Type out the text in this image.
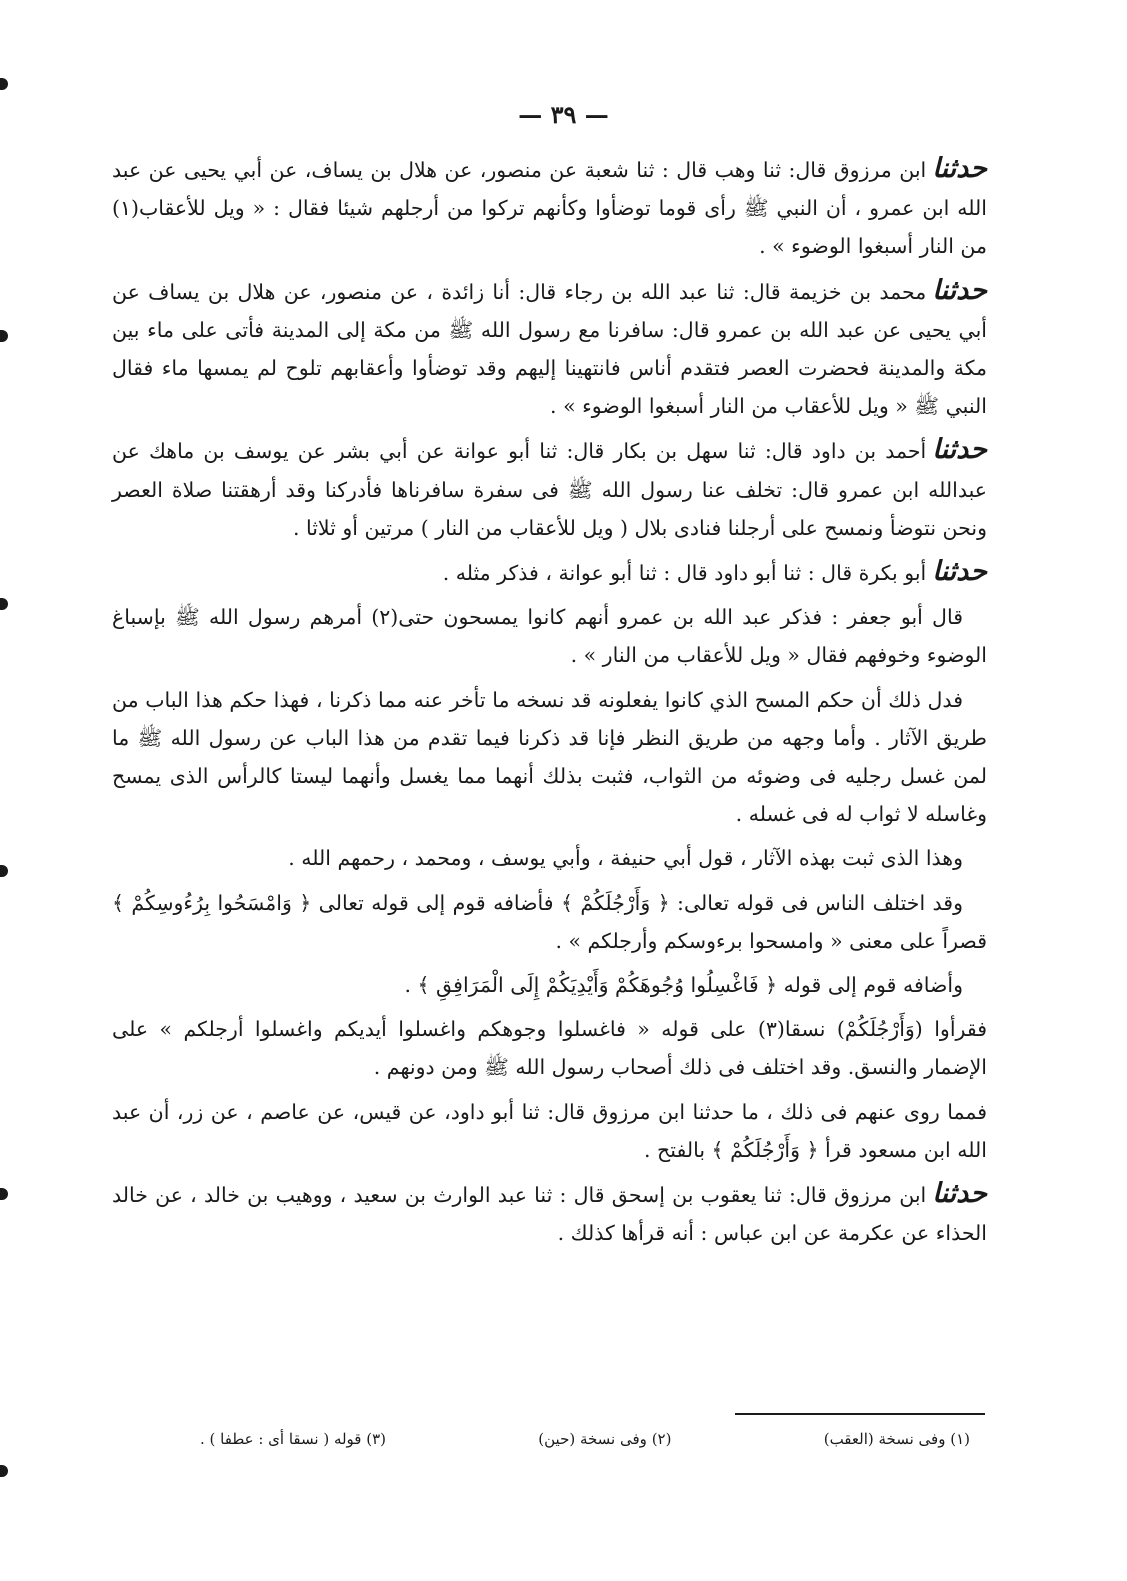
— ٣٩ —

حدثناابن مرزوق قال: ثنا وهب قال : ثنا شعبة عن منصور، عن هلال بن يساف، عن أبي يحيى عن عبد الله ابن عمرو ، أن النبي ﷺ رأى قوما توضأوا وكأنهم تركوا من أرجلهم شيئا فقال : « ويل للأعقاب(١) من النار أسبغوا الوضوء » .

حدثنامحمد بن خزيمة قال: ثنا عبد الله بن رجاء قال: أنا زائدة ، عن منصور، عن هلال بن يساف عن أبي يحيى عن عبد الله بن عمرو قال: سافرنا مع رسول الله ﷺ من مكة إلى المدينة فأتى على ماء بين مكة والمدينة فحضرت العصر فتقدم أناس فانتهينا إليهم وقد توضأوا وأعقابهم تلوح لم يمسها ماء فقال النبي ﷺ « ويل للأعقاب من النار أسبغوا الوضوء » .

حدثناأحمد بن داود قال: ثنا سهل بن بكار قال: ثنا أبو عوانة عن أبي بشر عن يوسف بن ماهك عن عبدالله ابن عمرو قال: تخلف عنا رسول الله ﷺ فى سفرة سافرناها فأدركنا وقد أرهقتنا صلاة العصر ونحن نتوضأ ونمسح على أرجلنا فنادى بلال ( ويل للأعقاب من النار ) مرتين أو ثلاثا .

حدثناأبو بكرة قال : ثنا أبو داود قال : ثنا أبو عوانة ، فذكر مثله .

قال أبو جعفر : فذكر عبد الله بن عمرو أنهم كانوا يمسحون حتى(٢) أمرهم رسول الله ﷺ بإسباغ الوضوء وخوفهم فقال « ويل للأعقاب من النار » .

فدل ذلك أن حكم المسح الذي كانوا يفعلونه قد نسخه ما تأخر عنه مما ذكرنا ، فهذا حكم هذا الباب من طريق الآثار . وأما وجهه من طريق النظر فإنا قد ذكرنا فيما تقدم من هذا الباب عن رسول الله ﷺ ما لمن غسل رجليه فى وضوئه من الثواب، فثبت بذلك أنهما مما يغسل وأنهما ليستا كالرأس الذى يمسح وغاسله لا ثواب له فى غسله .

وهذا الذى ثبت بهذه الآثار ، قول أبي حنيفة ، وأبي يوسف ، ومحمد ، رحمهم الله .

وقد اختلف الناس فى قوله تعالى: ﴿ وَأَرْجُلَكُمْ ﴾ فأضافه قوم إلى قوله تعالى ﴿ وَامْسَحُوا بِرُءُوسِكُمْ ﴾ قصراً على معنى « وامسحوا برءوسكم وأرجلكم » .

وأضافه قوم إلى قوله ﴿ فَاغْسِلُوا وُجُوهَكُمْ وَأَيْدِيَكُمْ إِلَى الْمَرَافِقِ ﴾ .

فقرأوا (وَأَرْجُلَكُمْ) نسقا(٣) على قوله « فاغسلوا وجوهكم واغسلوا أيديكم واغسلوا أرجلكم » على الإضمار والنسق. وقد اختلف فى ذلك أصحاب رسول الله ﷺ ومن دونهم .

فمما روى عنهم فى ذلك ، ما حدثنا ابن مرزوق قال: ثنا أبو داود، عن قيس، عن عاصم ، عن زر، أن عبد الله ابن مسعود قرأ ﴿ وَأَرْجُلَكُمْ ﴾ بالفتح .

حدثناابن مرزوق قال: ثنا يعقوب بن إسحق قال : ثنا عبد الوارث بن سعيد ، ووهيب بن خالد ، عن خالد الحذاء عن عكرمة عن ابن عباس : أنه قرأها كذلك .

(١) وفى نسخة (العقب)
(٢) وفى نسخة (حين)
(٣) قوله ( نسقا أى : عطفا ) .
